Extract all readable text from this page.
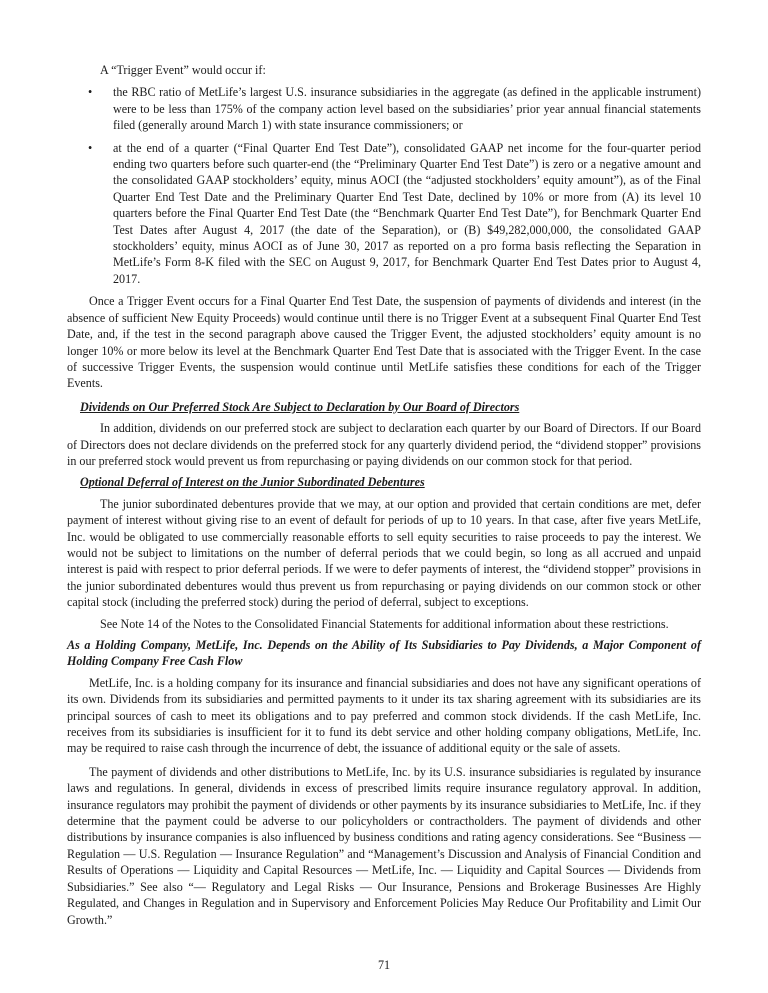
A “Trigger Event” would occur if:

• the RBC ratio of MetLife’s largest U.S. insurance subsidiaries in the aggregate (as defined in the applicable instrument) were to be less than 175% of the company action level based on the subsidiaries’ prior year annual financial statements filed (generally around March 1) with state insurance commissioners; or
• at the end of a quarter (“Final Quarter End Test Date”), consolidated GAAP net income for the four-quarter period ending two quarters before such quarter-end (the “Preliminary Quarter End Test Date”) is zero or a negative amount and the consolidated GAAP stockholders’ equity, minus AOCI (the “adjusted stockholders’ equity amount”), as of the Final Quarter End Test Date and the Preliminary Quarter End Test Date, declined by 10% or more from (A) its level 10 quarters before the Final Quarter End Test Date (the “Benchmark Quarter End Test Date”), for Benchmark Quarter End Test Dates after August 4, 2017 (the date of the Separation), or (B) $49,282,000,000, the consolidated GAAP stockholders’ equity, minus AOCI as of June 30, 2017 as reported on a pro forma basis reflecting the Separation in MetLife’s Form 8-K filed with the SEC on August 9, 2017, for Benchmark Quarter End Test Dates prior to August 4, 2017.

Once a Trigger Event occurs for a Final Quarter End Test Date, the suspension of payments of dividends and interest (in the absence of sufficient New Equity Proceeds) would continue until there is no Trigger Event at a subsequent Final Quarter End Test Date, and, if the test in the second paragraph above caused the Trigger Event, the adjusted stockholders’ equity amount is no longer 10% or more below its level at the Benchmark Quarter End Test Date that is associated with the Trigger Event. In the case of successive Trigger Events, the suspension would continue until MetLife satisfies these conditions for each of the Trigger Events.

Dividends on Our Preferred Stock Are Subject to Declaration by Our Board of Directors

In addition, dividends on our preferred stock are subject to declaration each quarter by our Board of Directors. If our Board of Directors does not declare dividends on the preferred stock for any quarterly dividend period, the “dividend stopper” provisions in our preferred stock would prevent us from repurchasing or paying dividends on our common stock for that period.

Optional Deferral of Interest on the Junior Subordinated Debentures

The junior subordinated debentures provide that we may, at our option and provided that certain conditions are met, defer payment of interest without giving rise to an event of default for periods of up to 10 years. In that case, after five years MetLife, Inc. would be obligated to use commercially reasonable efforts to sell equity securities to raise proceeds to pay the interest. We would not be subject to limitations on the number of deferral periods that we could begin, so long as all accrued and unpaid interest is paid with respect to prior deferral periods. If we were to defer payments of interest, the “dividend stopper” provisions in the junior subordinated debentures would thus prevent us from repurchasing or paying dividends on our common stock or other capital stock (including the preferred stock) during the period of deferral, subject to exceptions.

See Note 14 of the Notes to the Consolidated Financial Statements for additional information about these restrictions.

As a Holding Company, MetLife, Inc. Depends on the Ability of Its Subsidiaries to Pay Dividends, a Major Component of Holding Company Free Cash Flow

MetLife, Inc. is a holding company for its insurance and financial subsidiaries and does not have any significant operations of its own. Dividends from its subsidiaries and permitted payments to it under its tax sharing agreement with its subsidiaries are its principal sources of cash to meet its obligations and to pay preferred and common stock dividends. If the cash MetLife, Inc. receives from its subsidiaries is insufficient for it to fund its debt service and other holding company obligations, MetLife, Inc. may be required to raise cash through the incurrence of debt, the issuance of additional equity or the sale of assets.

The payment of dividends and other distributions to MetLife, Inc. by its U.S. insurance subsidiaries is regulated by insurance laws and regulations. In general, dividends in excess of prescribed limits require insurance regulatory approval. In addition, insurance regulators may prohibit the payment of dividends or other payments by its insurance subsidiaries to MetLife, Inc. if they determine that the payment could be adverse to our policyholders or contractholders. The payment of dividends and other distributions by insurance companies is also influenced by business conditions and rating agency considerations. See “Business — Regulation — U.S. Regulation — Insurance Regulation” and “Management’s Discussion and Analysis of Financial Condition and Results of Operations — Liquidity and Capital Resources — MetLife, Inc. — Liquidity and Capital Sources — Dividends from Subsidiaries.” See also “— Regulatory and Legal Risks — Our Insurance, Pensions and Brokerage Businesses Are Highly Regulated, and Changes in Regulation and in Supervisory and Enforcement Policies May Reduce Our Profitability and Limit Our Growth.”

71
